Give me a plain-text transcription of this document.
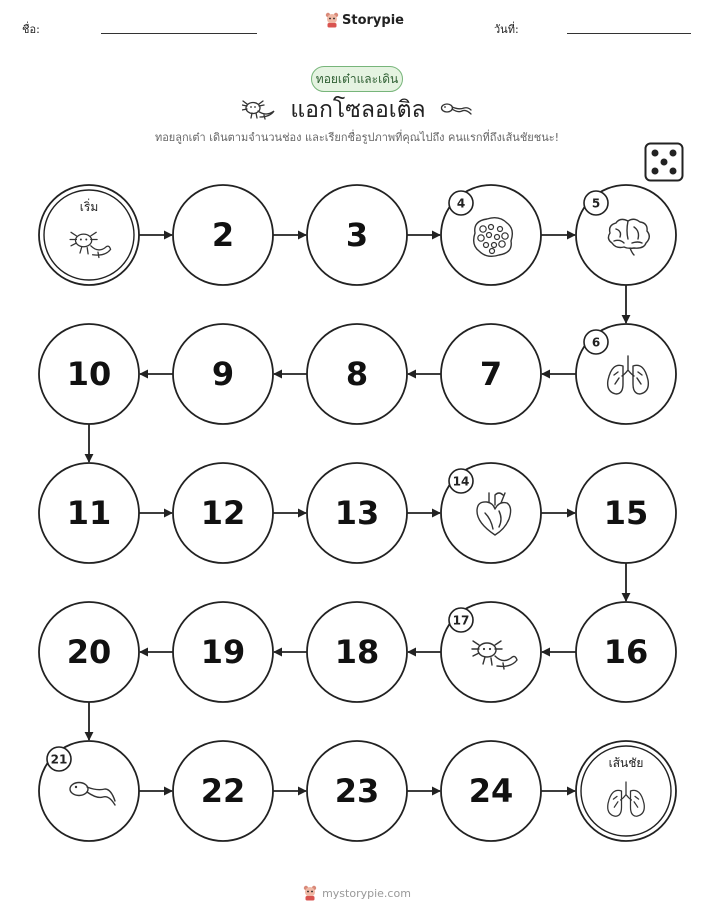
ชื่อ:
Storypie
วันที่:
ทอยเต๋าและเดิน
แอกโซลอเติล
ทอยลูกเต๋า เดินตามจำนวนช่อง และเรียกชื่อรูปภาพที่คุณไปถึง คนแรกที่ถึงเส้นชัยชนะ!
เริ่ม
2	3
4	5
6
7
8
9
10
11	12	13
14
15
16
17
18
19
20
21
22	23	24
เส้นชัย
mystorypie.com
